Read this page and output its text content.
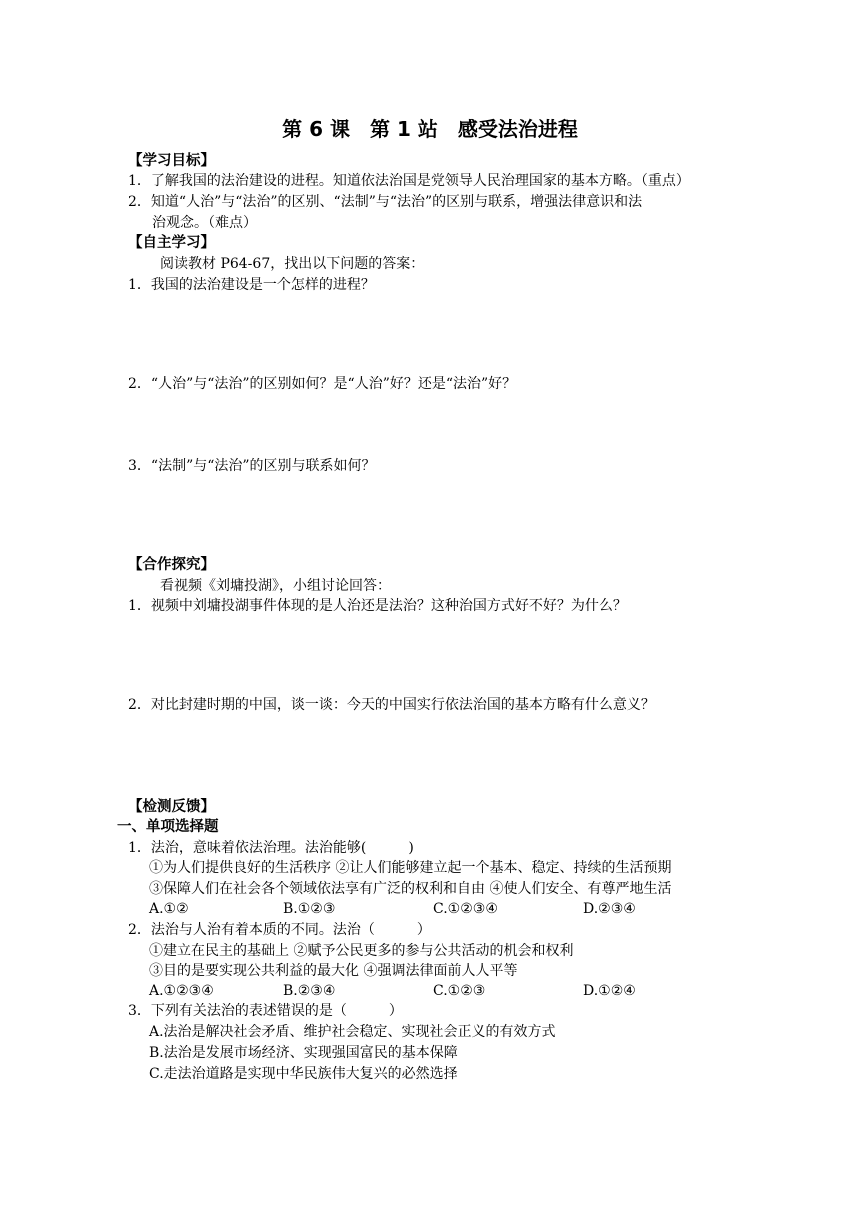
第 6 课　第 1 站　感受法治进程
【学习目标】
1．了解我国的法治建设的进程。知道依法治国是党领导人民治理国家的基本方略。（重点）
2．知道“人治”与“法治”的区别、“法制”与“法治”的区别与联系，增强法律意识和法
治观念。（难点）
【自主学习】
阅读教材 P64-67，找出以下问题的答案：
1．我国的法治建设是一个怎样的进程？
2．“人治”与“法治”的区别如何？是“人治”好？还是“法治”好？
3．“法制”与“法治”的区别与联系如何？
【合作探究】
看视频《刘墉投湖》，小组讨论回答：
1．视频中刘墉投湖事件体现的是人治还是法治？这种治国方式好不好？为什么？
2．对比封建时期的中国，谈一谈：今天的中国实行依法治国的基本方略有什么意义？
【检测反馈】
一、单项选择题
1．法治，意味着依法治理。法治能够(　　　)
①为人们提供良好的生活秩序 ②让人们能够建立起一个基本、稳定、持续的生活预期
③保障人们在社会各个领域依法享有广泛的权利和自由 ④使人们安全、有尊严地生活
A.①②	B.①②③	C.①②③④	D.②③④
2．法治与人治有着本质的不同。法治（　　　）
①建立在民主的基础上 ②赋予公民更多的参与公共活动的机会和权利
③目的是要实现公共利益的最大化 ④强调法律面前人人平等
A.①②③④	B.②③④	C.①②③	D.①②④
3．下列有关法治的表述错误的是（　　　）
A.法治是解决社会矛盾、维护社会稳定、实现社会正义的有效方式
B.法治是发展市场经济、实现强国富民的基本保障
C.走法治道路是实现中华民族伟大复兴的必然选择
